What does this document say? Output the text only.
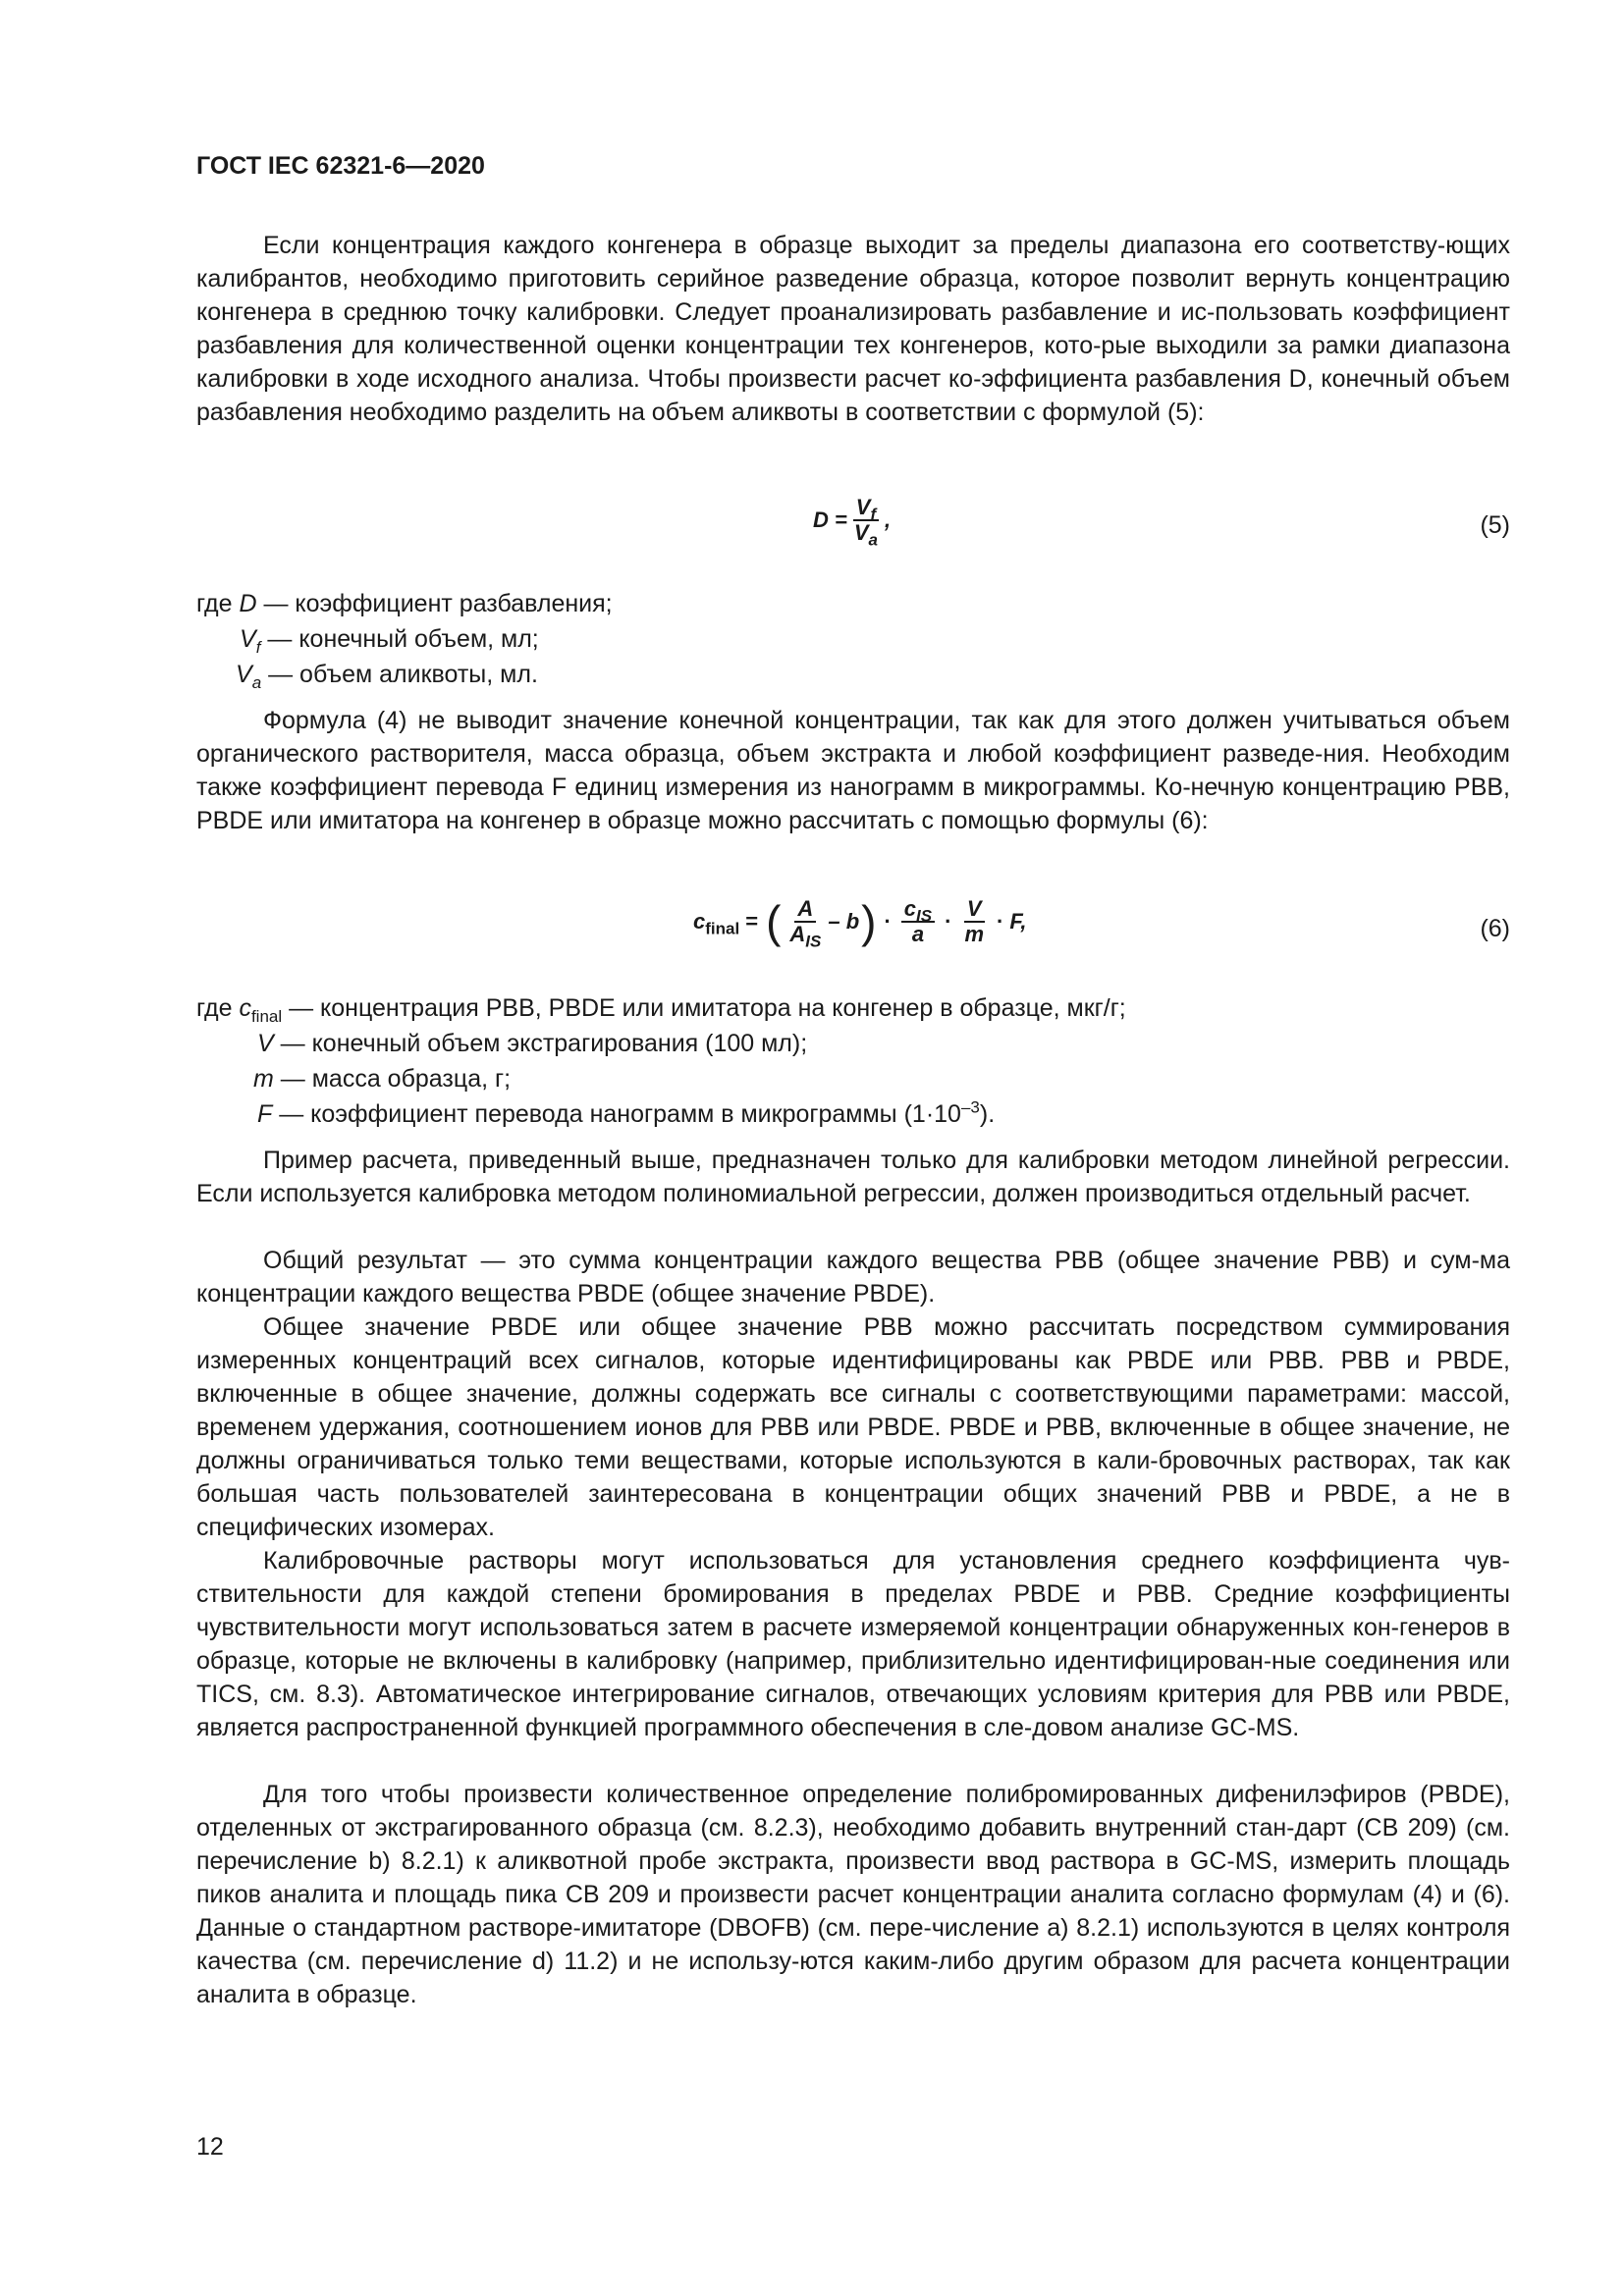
ГОСТ IEC 62321-6—2020

Если концентрация каждого конгенера в образце выходит за пределы диапазона его соответству-ющих калибрантов, необходимо приготовить серийное разведение образца, которое позволит вернуть концентрацию конгенера в среднюю точку калибровки. Следует проанализировать разбавление и ис-пользовать коэффициент разбавления для количественной оценки концентрации тех конгенеров, кото-рые выходили за рамки диапазона калибровки в ходе исходного анализа. Чтобы произвести расчет ко-эффициента разбавления D, конечный объем разбавления необходимо разделить на объем аликвоты в соответствии с формулой (5):

$D = \frac{V_f}{V_a}$ ,	(5)
где D — коэффициент разбавления;
$V_f$ — конечный объем, мл;
$V_a$ — объем аликвоты, мл.

Формула (4) не выводит значение конечной концентрации, так как для этого должен учитываться объем органического растворителя, масса образца, объем экстракта и любой коэффициент разведе-ния. Необходим также коэффициент перевода F единиц измерения из нанограмм в микрограммы. Ко-нечную концентрацию PBB, PBDE или имитатора на конгенер в образце можно рассчитать с помощью формулы (6):

$c_{final}$ = ( $\frac{A}{A_{IS}}$ – b ) · $\frac{c_{IS}}{a} \cdot \frac{V}{m} \cdot F$,	(6)
где $c_{final}$ — концентрация PBB, PBDE или имитатора на конгенер в образце, мкг/г;
V — конечный объем экстрагирования (100 мл);
m — масса образца, г;
F — коэффициент перевода нанограмм в микрограммы $(1\cdot 10^{-3})$.

Пример расчета, приведенный выше, предназначен только для калибровки методом линейной регрессии. Если используется калибровка методом полиномиальной регрессии, должен производиться отдельный расчет.

Общий результат — это сумма концентрации каждого вещества PBB (общее значение PBB) и сум-ма концентрации каждого вещества PBDE (общее значение PBDE).

Общее значение PBDE или общее значение PBB можно рассчитать посредством суммирования измеренных концентраций всех сигналов, которые идентифицированы как PBDE или PBB. PBB и PBDE, включенные в общее значение, должны содержать все сигналы с соответствующими параметрами: массой, временем удержания, соотношением ионов для PBB или PBDE. PBDE и PBB, включенные в общее значение, не должны ограничиваться только теми веществами, которые используются в кали-бровочных растворах, так как большая часть пользователей заинтересована в концентрации общих значений PBB и PBDE, а не в специфических изомерах.

Калибровочные растворы могут использоваться для установления среднего коэффициента чув-ствительности для каждой степени бромирования в пределах PBDE и PBB. Средние коэффициенты чувствительности могут использоваться затем в расчете измеряемой концентрации обнаруженных кон-генеров в образце, которые не включены в калибровку (например, приблизительно идентифицирован-ные соединения или TICS, см. 8.3). Автоматическое интегрирование сигналов, отвечающих условиям критерия для PBB или PBDE, является распространенной функцией программного обеспечения в сле-довом анализе GC-MS.

Для того чтобы произвести количественное определение полибромированных дифенилэфиров (PBDE), отделенных от экстрагированного образца (см. 8.2.3), необходимо добавить внутренний стан-дарт (CB 209) (см. перечисление b) 8.2.1) к аликвотной пробе экстракта, произвести ввод раствора в GC-MS, измерить площадь пиков аналита и площадь пика CB 209 и произвести расчет концентрации аналита согласно формулам (4) и (6). Данные о стандартном растворе-имитаторе (DBOFB) (см. пере-числение a) 8.2.1) используются в целях контроля качества (см. перечисление d) 11.2) и не использу-ются каким-либо другим образом для расчета концентрации аналита в образце.

12
